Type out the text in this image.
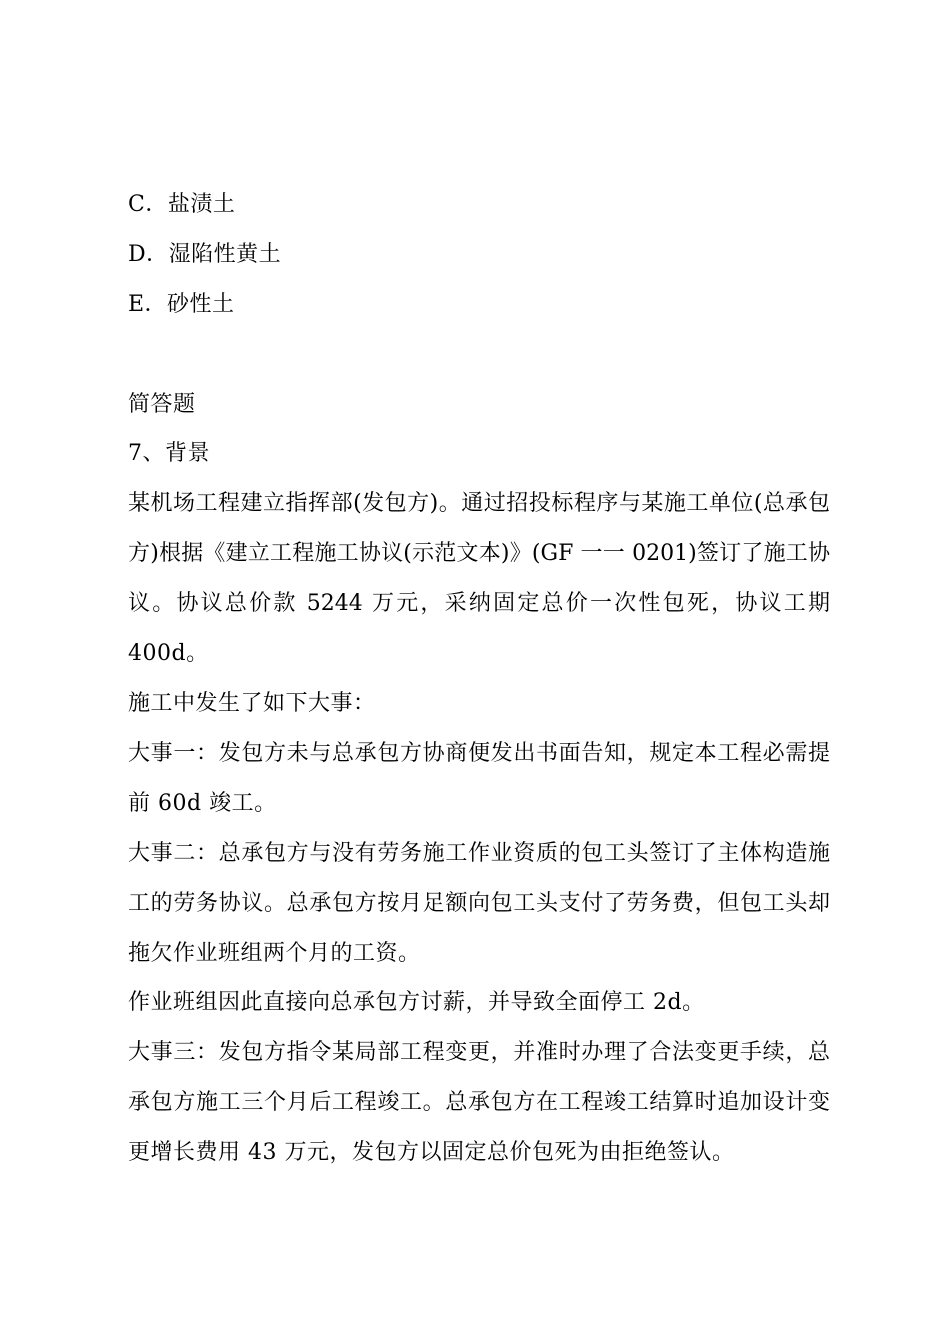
C．盐渍土
D．湿陷性黄土
E．砂性土
简答题
7、背景
某机场工程建立指挥部(发包方)。通过招投标程序与某施工单位(总承包
方)根据《建立工程施工协议(示范文本)》(GF 一一 0201)签订了施工协
议。协议总价款 5244 万元，采纳固定总价一次性包死，协议工期
400d。
施工中发生了如下大事：
大事一：发包方未与总承包方协商便发出书面告知，规定本工程必需提
前 60d 竣工。
大事二：总承包方与没有劳务施工作业资质的包工头签订了主体构造施
工的劳务协议。总承包方按月足额向包工头支付了劳务费，但包工头却
拖欠作业班组两个月的工资。
作业班组因此直接向总承包方讨薪，并导致全面停工 2d。
大事三：发包方指令某局部工程变更，并准时办理了合法变更手续，总
承包方施工三个月后工程竣工。总承包方在工程竣工结算时追加设计变
更增长费用 43 万元，发包方以固定总价包死为由拒绝签认。
